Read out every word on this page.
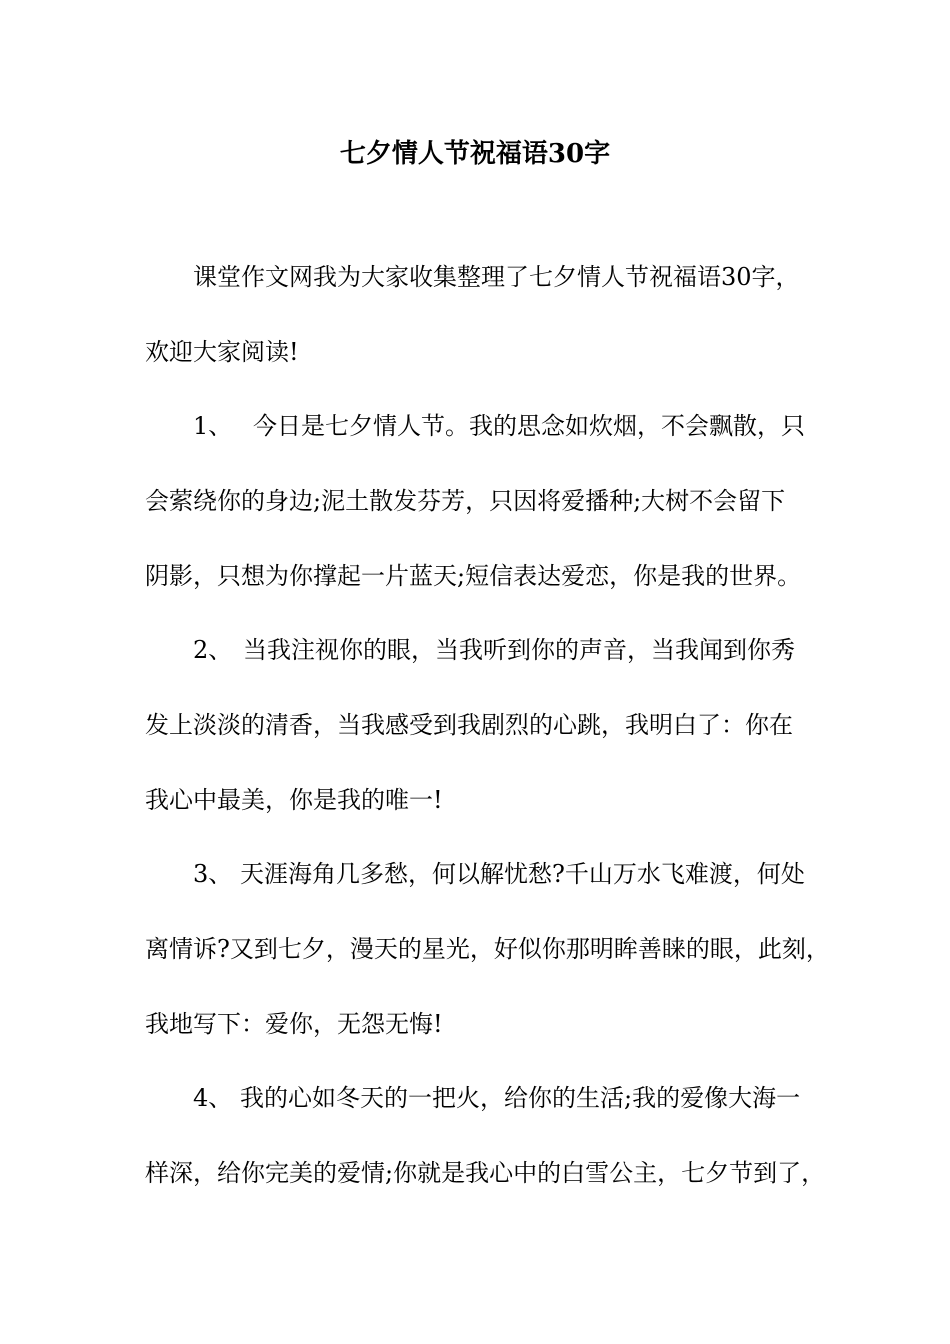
七夕情人节祝福语30字

课堂作文网我为大家收集整理了七夕情人节祝福语30字，

欢迎大家阅读!

1、 今日是七夕情人节。我的思念如炊烟，不会飘散，只

会萦绕你的身边;泥土散发芬芳，只因将爱播种;大树不会留下

阴影，只想为你撑起一片蓝天;短信表达爱恋，你是我的世界。

2、 当我注视你的眼，当我听到你的声音，当我闻到你秀

发上淡淡的清香，当我感受到我剧烈的心跳，我明白了：你在

我心中最美，你是我的唯一!

3、 天涯海角几多愁，何以解忧愁?千山万水飞难渡，何处

离情诉?又到七夕，漫天的星光，好似你那明眸善睐的眼，此刻，

我地写下：爱你，无怨无悔!

4、 我的心如冬天的一把火，给你的生活;我的爱像大海一

样深，给你完美的爱情;你就是我心中的白雪公主，七夕节到了，
